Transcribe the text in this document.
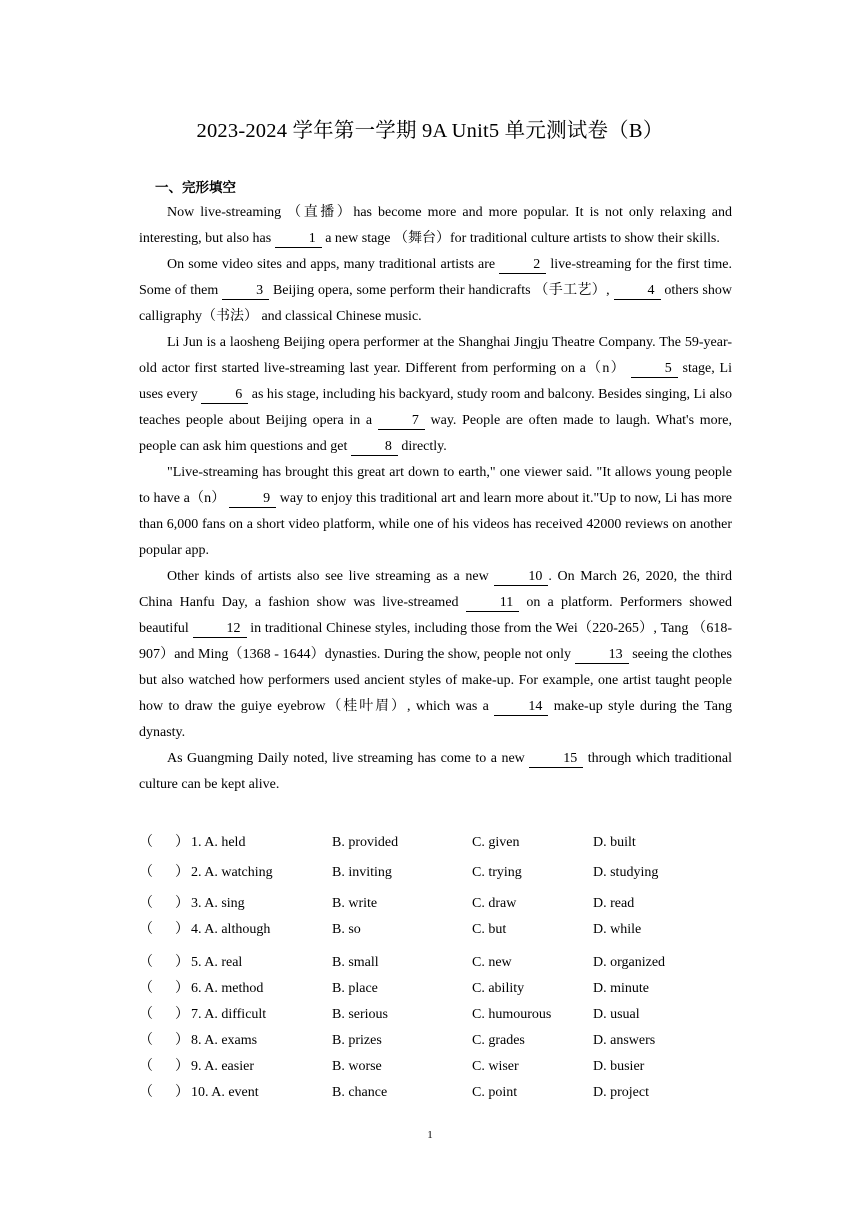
2023-2024 学年第一学期 9A Unit5 单元测试卷（B）
一、完形填空

Now live-streaming （直播）has become more and more popular. It is not only relaxing and interesting, but also has 1 a new stage （舞台）for traditional culture artists to show their skills.

On some video sites and apps, many traditional artists are 2 live-streaming for the first time. Some of them 3 Beijing opera, some perform their handicrafts （手工艺）, 4 others show calligraphy（书法） and classical Chinese music.

Li Jun is a laosheng Beijing opera performer at the Shanghai Jingju Theatre Company. The 59-year-old actor first started live-streaming last year. Different from performing on a（n） 5 stage, Li uses every 6 as his stage, including his backyard, study room and balcony. Besides singing, Li also teaches people about Beijing opera in a 7 way. People are often made to laugh. What's more, people can ask him questions and get 8 directly.

"Live-streaming has brought this great art down to earth," one viewer said. "It allows young people to have a（n） 9 way to enjoy this traditional art and learn more about it."Up to now, Li has more than 6,000 fans on a short video platform, while one of his videos has received 42000 reviews on another popular app.

Other kinds of artists also see live streaming as a new 10 . On March 26, 2020, the third China Hanfu Day, a fashion show was live-streamed 11 on a platform. Performers showed beautiful 12 in traditional Chinese styles, including those from the Wei（220-265）, Tang （618-907）and Ming（1368 - 1644）dynasties. During the show, people not only 13 seeing the clothes but also watched how performers used ancient styles of make-up. For example, one artist taught people how to draw the guiye eyebrow（桂叶眉）, which was a 14 make-up style during the Tang dynasty.

As Guangming Daily noted, live streaming has come to a new 15 through which traditional culture can be kept alive.

（ ） 1. A. held	B. provided	C. given	D. built
（ ） 2. A. watching	B. inviting	C. trying	D. studying
（ ） 3. A. sing	B. write	C. draw	D. read
（ ） 4. A. although	B. so	C. but	D. while
（ ） 5. A. real	B. small	C. new	D. organized
（ ） 6. A. method	B. place	C. ability	D. minute
（ ） 7. A. difficult	B. serious	C. humourous	D. usual
（ ） 8. A. exams	B. prizes	C. grades	D. answers
（ ） 9. A. easier	B. worse	C. wiser	D. busier
（ ） 10. A. event	B. chance	C. point	D. project
1
